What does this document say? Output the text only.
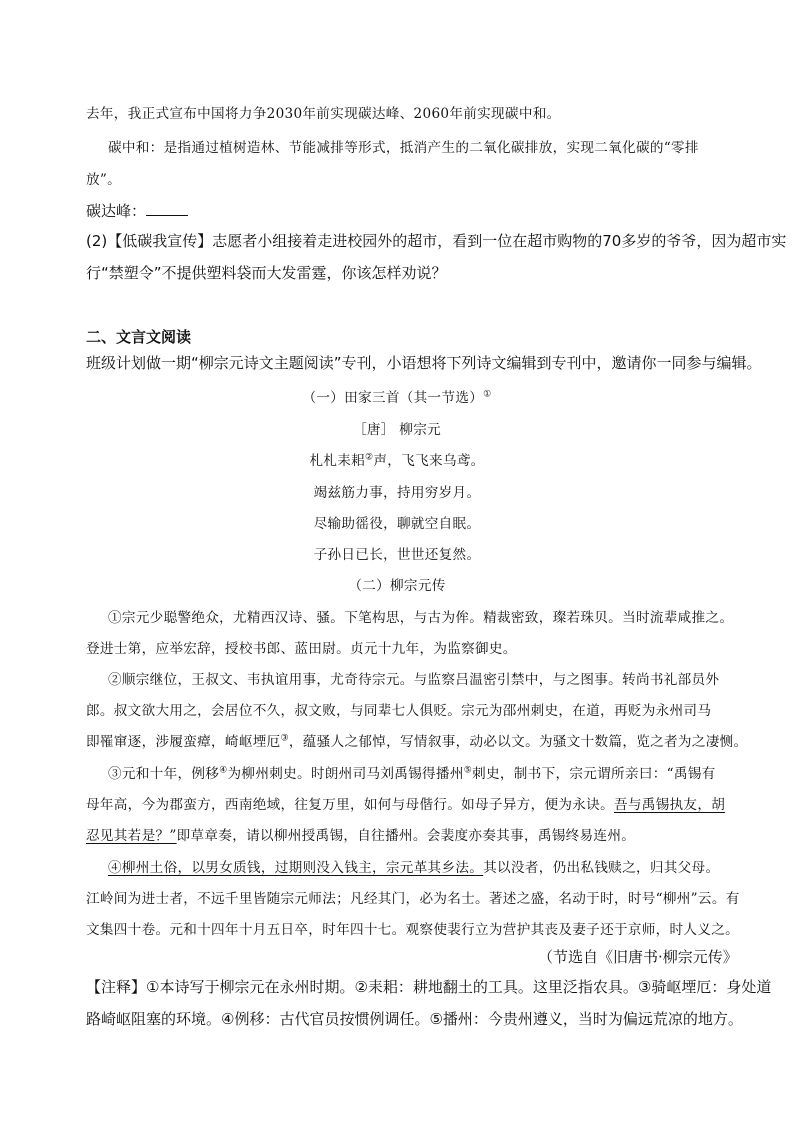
去年，我正式宣布中国将力争2030年前实现碳达峰、2060年前实现碳中和。
碳中和：是指通过植树造林、节能减排等形式，抵消产生的二氧化碳排放，实现二氧化碳的“零排
放”。
碳达峰：
(2)【低碳我宣传】志愿者小组接着走进校园外的超市，看到一位在超市购物的70多岁的爷爷，因为超市实
行“禁塑令”不提供塑料袋而大发雷霆，你该怎样劝说？
二、文言文阅读
班级计划做一期“柳宗元诗文主题阅读”专刊，小语想将下列诗文编辑到专刊中，邀请你一同参与编辑。
（一）田家三首（其一节选）①
［唐］ 柳宗元
札札耒耜②声，飞飞来乌鸢。
竭兹筋力事，持用穷岁月。
尽输助徭役，聊就空自眠。
子孙日已长，世世还复然。
（二）柳宗元传
①宗元少聪警绝众，尤精西汉诗、骚。下笔构思，与古为侔。精裁密致，璨若珠贝。当时流辈咸推之。
登进士第，应举宏辞，授校书郎、蓝田尉。贞元十九年，为监察御史。
②顺宗继位，王叔文、韦执谊用事，尤奇待宗元。与监察吕温密引禁中，与之图事。转尚书礼部员外
郎。叔文欲大用之，会居位不久，叔文败，与同辈七人俱贬。宗元为邵州刺史，在道，再贬为永州司马
即罹窜逐，涉履蛮瘴，崎岖堙厄③，蕴骚人之郁悼，写情叙事，动必以文。为骚文十数篇，览之者为之凄恻。
③元和十年，例移④为柳州刺史。时朗州司马刘禹锡得播州⑤刺史，制书下，宗元谓所亲曰：“禹锡有
母年高，今为郡蛮方，西南绝域，往复万里，如何与母偕行。如母子异方，便为永诀。吾与禹锡执友，胡
忍见其若是？”即草章奏，请以柳州授禹锡，自往播州。会裴度亦奏其事，禹锡终易连州。
④柳州土俗，以男女质钱，过期则没入钱主，宗元革其乡法。其以没者，仍出私钱赎之，归其父母。
江岭间为进士者，不远千里皆随宗元师法；凡经其门，必为名士。著述之盛，名动于时，时号“柳州”云。有
文集四十卷。元和十四年十月五日卒，时年四十七。观察使裴行立为营护其丧及妻子还于京师，时人义之。
（节选自《旧唐书·柳宗元传》
【注释】①本诗写于柳宗元在永州时期。②耒耜：耕地翻土的工具。这里泛指农具。③骑岖堙厄：身处道
路崎岖阻塞的环境。④例移：古代官员按惯例调任。⑤播州：今贵州遵义，当时为偏远荒凉的地方。
